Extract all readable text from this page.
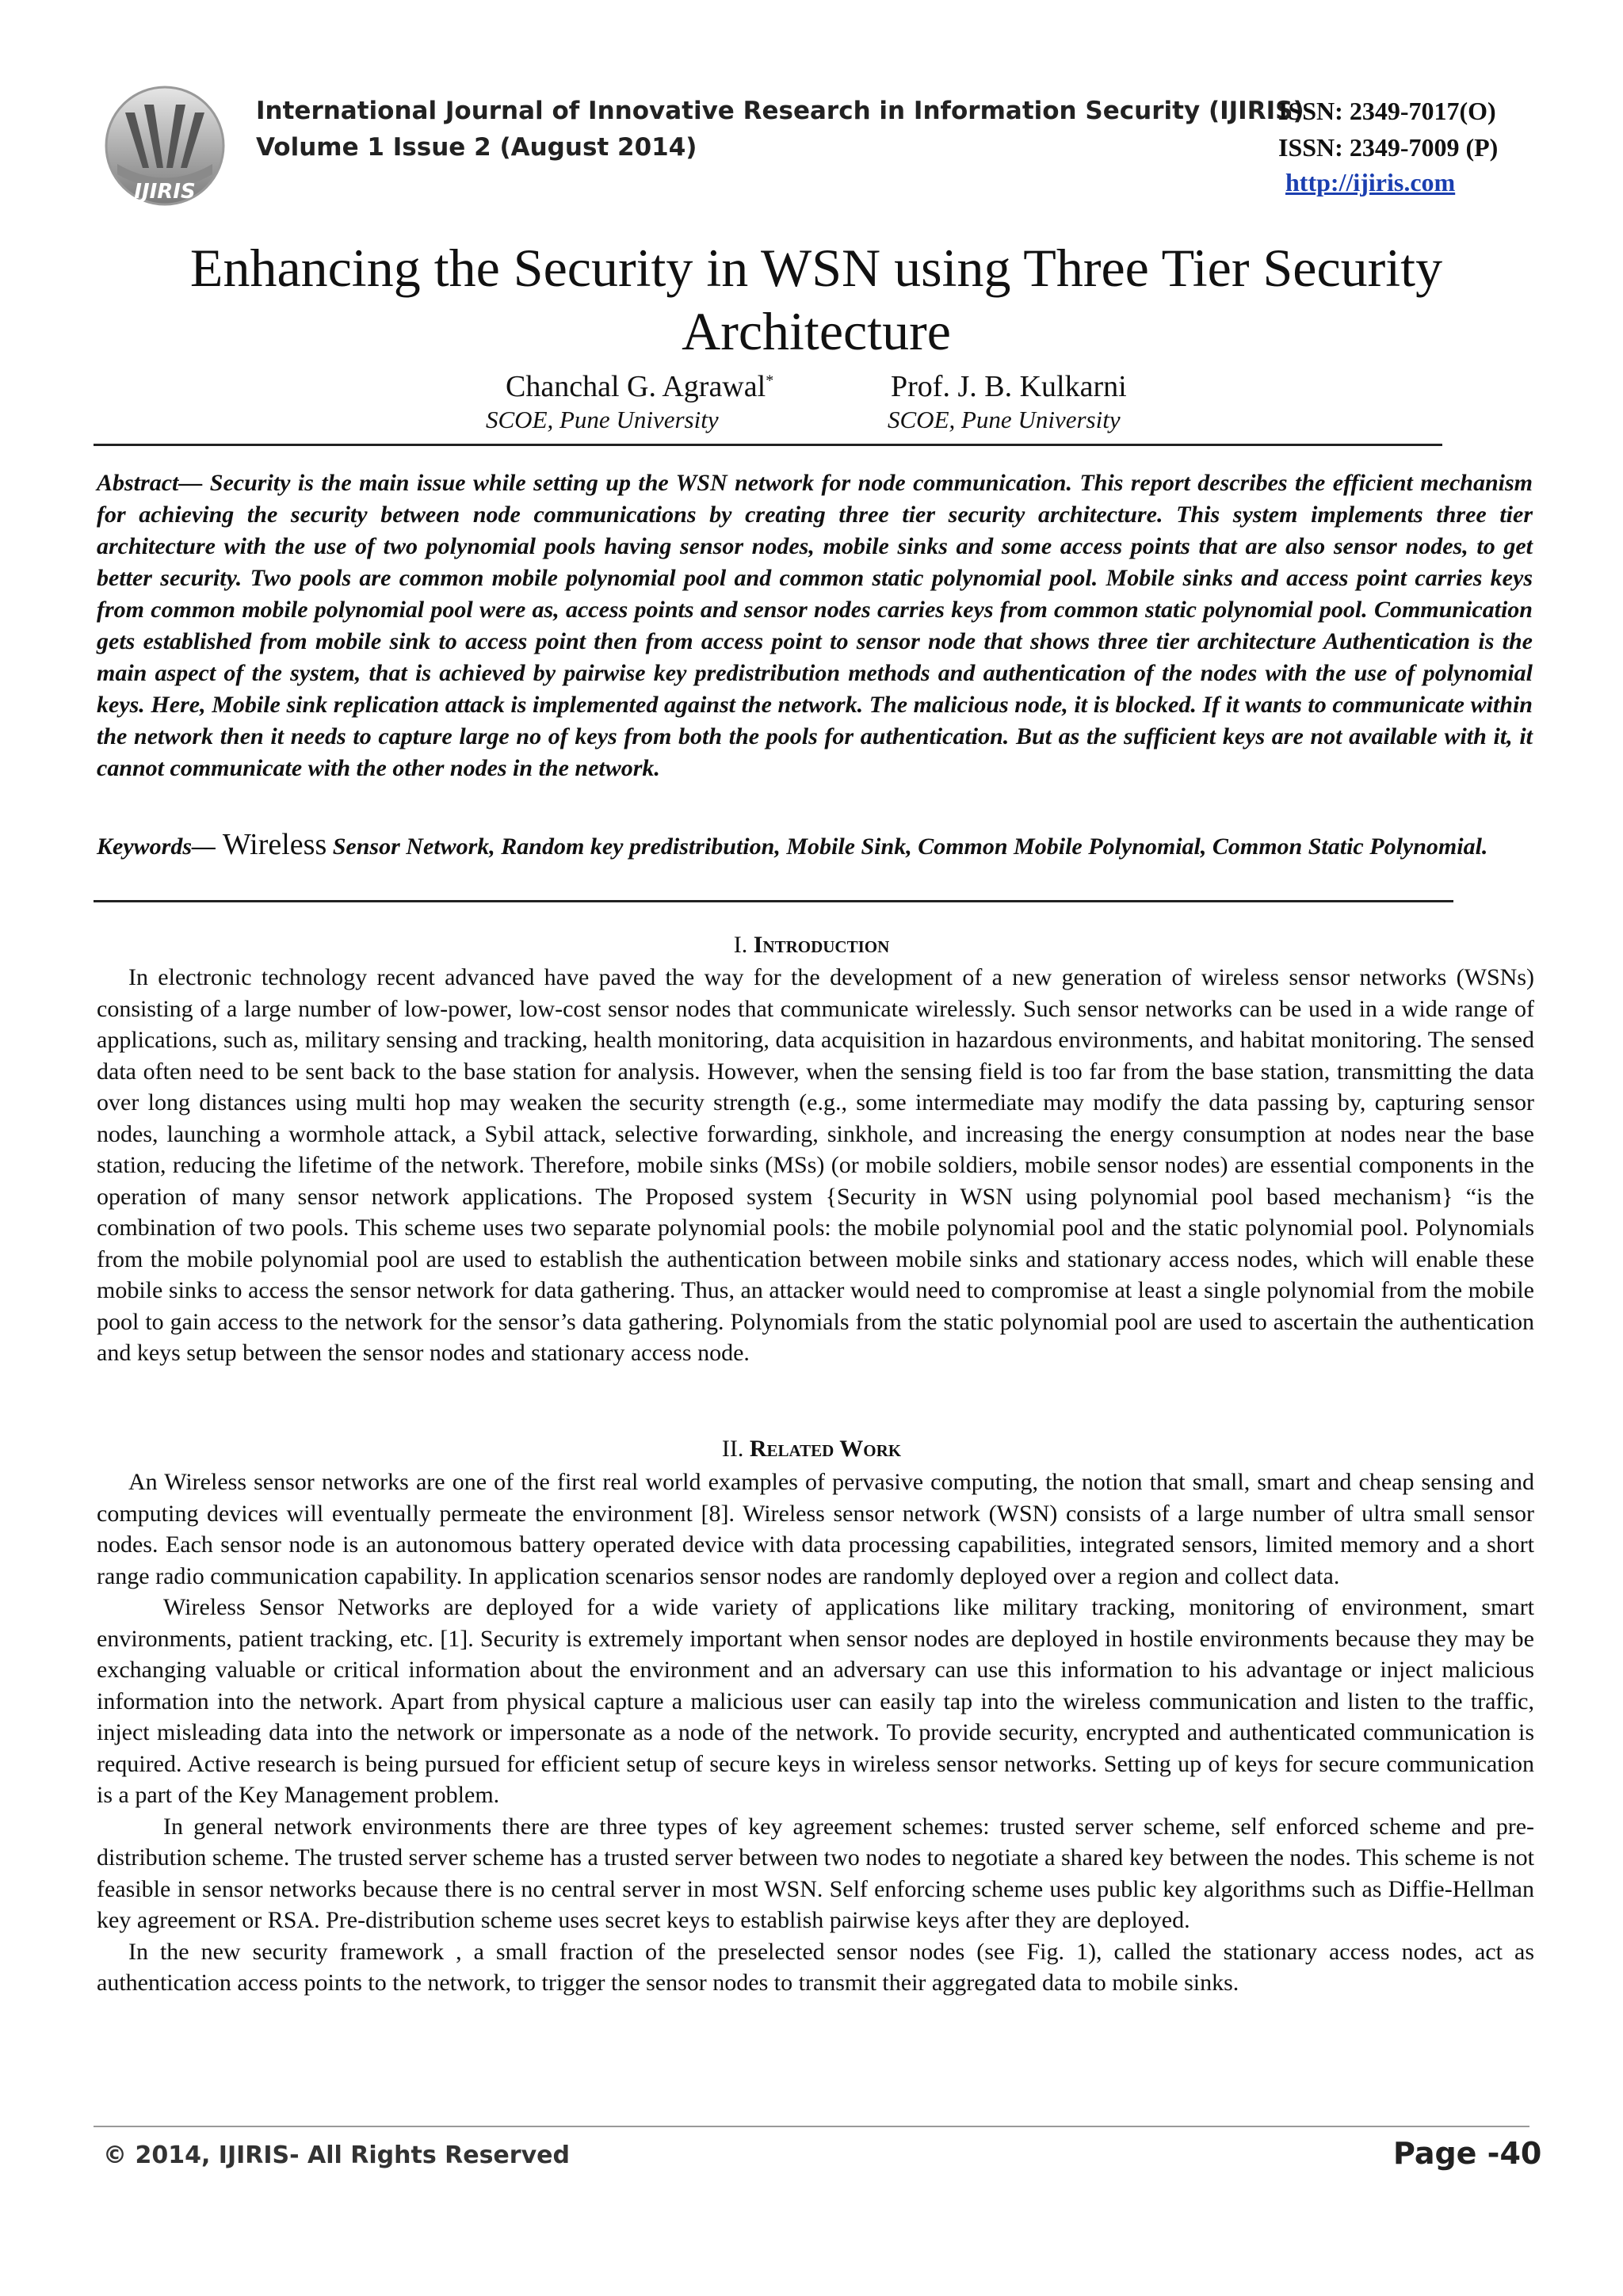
IJIRIS
International Journal of Innovative Research in Information Security (IJIRIS)
Volume 1 Issue 2 (August 2014)
ISSN: 2349-7017(O)
ISSN: 2349-7009 (P)
http://ijiris.com
Enhancing the Security in WSN using Three Tier Security Architecture
Chanchal G. Agrawal*
SCOE, Pune University
Prof. J. B. Kulkarni
SCOE, Pune University

Abstract— Security is the main issue while setting up the WSN network for node communication. This report describes the efficient mechanism for achieving the security between node communications by creating three tier security architecture. This system implements three tier architecture with the use of two polynomial pools having sensor nodes, mobile sinks and some access points that are also sensor nodes, to get better security. Two pools are common mobile polynomial pool and common static polynomial pool. Mobile sinks and access point carries keys from common mobile polynomial pool were as, access points and sensor nodes carries keys from common static polynomial pool. Communication gets established from mobile sink to access point then from access point to sensor node that shows three tier architecture Authentication is the main aspect of the system, that is achieved by pairwise key predistribution methods and authentication of the nodes with the use of polynomial keys. Here, Mobile sink replication attack is implemented against the network. The malicious node, it is blocked. If it wants to communicate within the network then it needs to capture large no of keys from both the pools for authentication. But as the sufficient keys are not available with it, it cannot communicate with the other nodes in the network.

Keywords— Wireless Sensor Network, Random key predistribution, Mobile Sink, Common Mobile Polynomial, Common Static Polynomial.

I. Introduction

In electronic technology recent advanced have paved the way for the development of a new generation of wireless sensor networks (WSNs) consisting of a large number of low-power, low-cost sensor nodes that communicate wirelessly. Such sensor networks can be used in a wide range of applications, such as, military sensing and tracking, health monitoring, data acquisition in hazardous environments, and habitat monitoring. The sensed data often need to be sent back to the base station for analysis. However, when the sensing field is too far from the base station, transmitting the data over long distances using multi hop may weaken the security strength (e.g., some intermediate may modify the data passing by, capturing sensor nodes, launching a wormhole attack, a Sybil attack, selective forwarding, sinkhole, and increasing the energy consumption at nodes near the base station, reducing the lifetime of the network. Therefore, mobile sinks (MSs) (or mobile soldiers, mobile sensor nodes) are essential components in the operation of many sensor network applications. The Proposed system {Security in WSN using polynomial pool based mechanism} “is the combination of two pools. This scheme uses two separate polynomial pools: the mobile polynomial pool and the static polynomial pool. Polynomials from the mobile polynomial pool are used to establish the authentication between mobile sinks and stationary access nodes, which will enable these mobile sinks to access the sensor network for data gathering. Thus, an attacker would need to compromise at least a single polynomial from the mobile pool to gain access to the network for the sensor’s data gathering. Polynomials from the static polynomial pool are used to ascertain the authentication and keys setup between the sensor nodes and stationary access node.

II. Related Work

An Wireless sensor networks are one of the first real world examples of pervasive computing, the notion that small, smart and cheap sensing and computing devices will eventually permeate the environment [8]. Wireless sensor network (WSN) consists of a large number of ultra small sensor nodes. Each sensor node is an autonomous battery operated device with data processing capabilities, integrated sensors, limited memory and a short range radio communication capability. In application scenarios sensor nodes are randomly deployed over a region and collect data.

Wireless Sensor Networks are deployed for a wide variety of applications like military tracking, monitoring of environment, smart environments, patient tracking, etc. [1]. Security is extremely important when sensor nodes are deployed in hostile environments because they may be exchanging valuable or critical information about the environment and an adversary can use this information to his advantage or inject malicious information into the network. Apart from physical capture a malicious user can easily tap into the wireless communication and listen to the traffic, inject misleading data into the network or impersonate as a node of the network. To provide security, encrypted and authenticated communication is required. Active research is being pursued for efficient setup of secure keys in wireless sensor networks. Setting up of keys for secure communication is a part of the Key Management problem.

In general network environments there are three types of key agreement schemes: trusted server scheme, self enforced scheme and pre-distribution scheme. The trusted server scheme has a trusted server between two nodes to negotiate a shared key between the nodes. This scheme is not feasible in sensor networks because there is no central server in most WSN. Self enforcing scheme uses public key algorithms such as Diffie-Hellman key agreement or RSA. Pre-distribution scheme uses secret keys to establish pairwise keys after they are deployed.

In the new security framework , a small fraction of the preselected sensor nodes (see Fig. 1), called the stationary access nodes, act as authentication access points to the network, to trigger the sensor nodes to transmit their aggregated data to mobile sinks.

© 2014, IJIRIS- All Rights Reserved	Page -40
